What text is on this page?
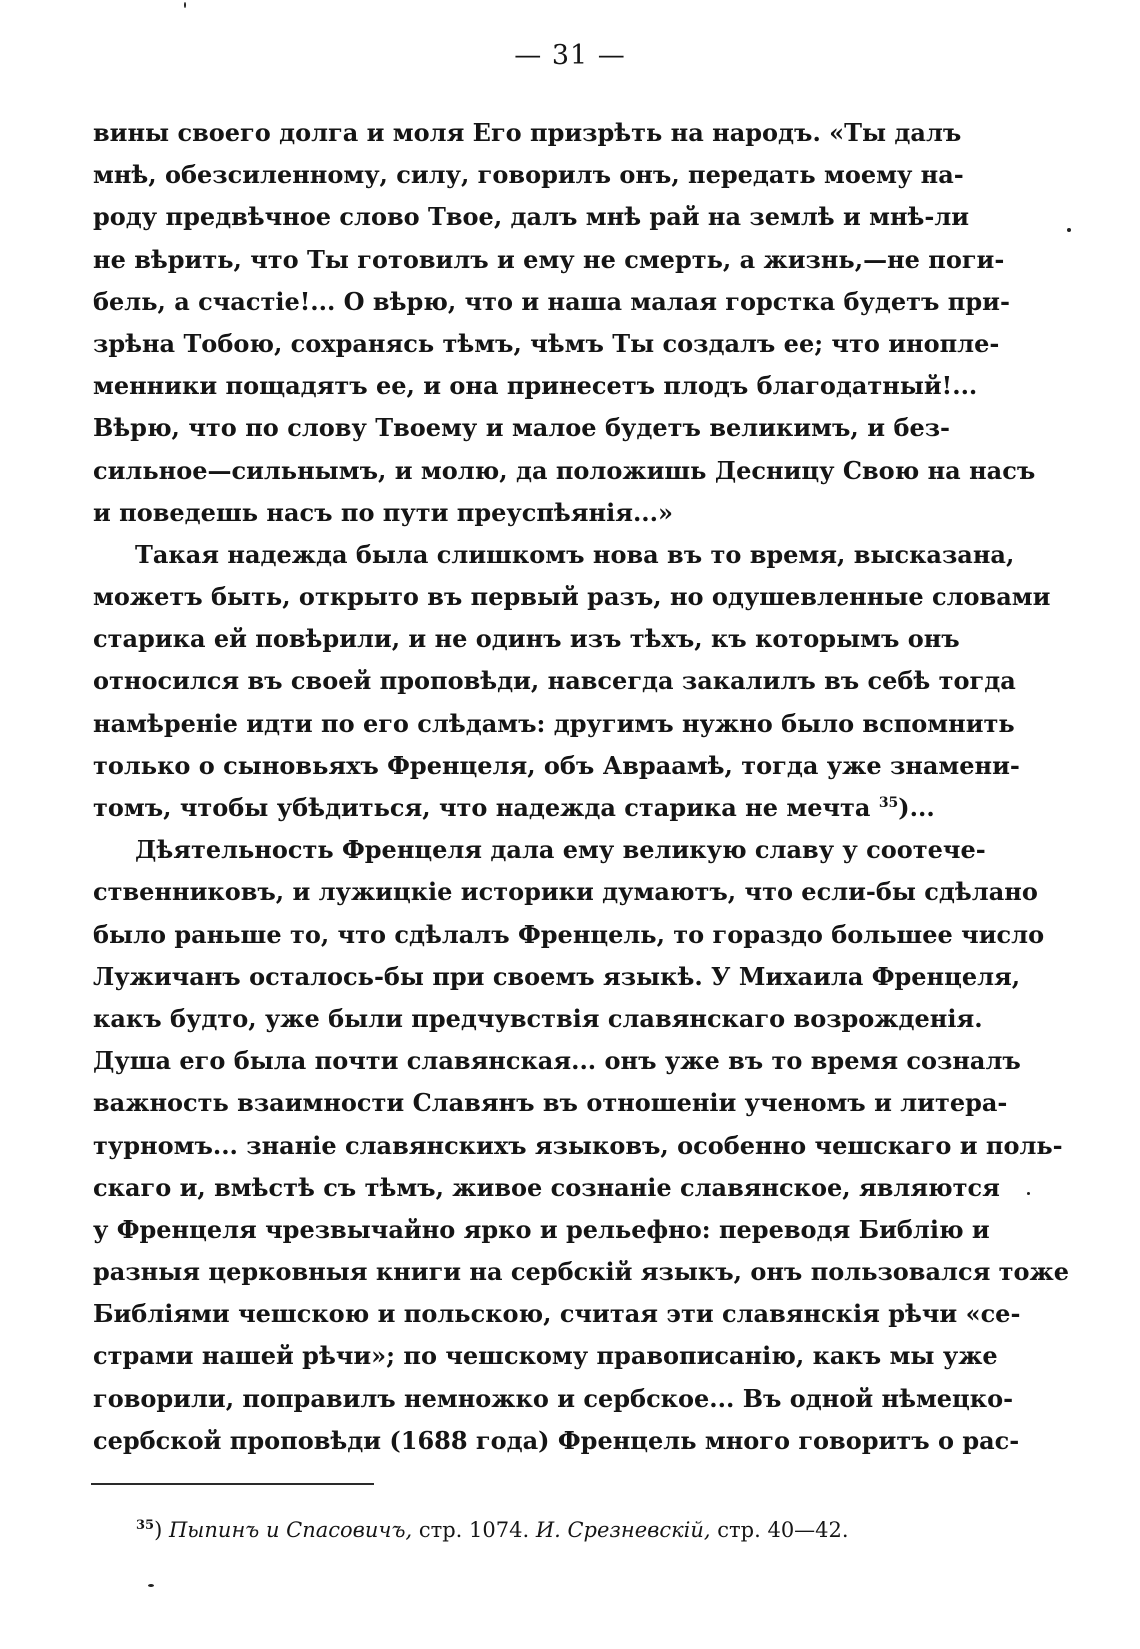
— 31 —
вины своего долга и моля Его призрѣть на народъ. «Ты далъ
мнѣ, обезсиленному, силу, говорилъ онъ, передать моему на-
роду предвѣчное слово Твое, далъ мнѣ рай на землѣ и мнѣ-ли
не вѣрить, что Ты готовилъ и ему не смерть, а жизнь,—не поги-
бель, а счастіе!... О вѣрю, что и наша малая горстка будетъ при-
зрѣна Тобою, сохранясь тѣмъ, чѣмъ Ты создалъ ее; что инопле-
менники пощадятъ ее, и она принесетъ плодъ благодатный!...
Вѣрю, что по слову Твоему и малое будетъ великимъ, и без-
сильное—сильнымъ, и молю, да положишь Десницу Свою на насъ
и поведешь насъ по пути преуспѣянія...»
Такая надежда была слишкомъ нова въ то время, высказана,
можетъ быть, открыто въ первый разъ, но одушевленные словами
старика ей повѣрили, и не одинъ изъ тѣхъ, къ которымъ онъ
относился въ своей проповѣди, навсегда закалилъ въ себѣ тогда
намѣреніе идти по его слѣдамъ: другимъ нужно было вспомнить
только о сыновьяхъ Френцеля, объ Авраамѣ, тогда уже знамени-
томъ, чтобы убѣдиться, что надежда старика не мечта $^{35}$)...
Дѣятельность Френцеля дала ему великую славу у соотече-
ственниковъ, и лужицкіе историки думаютъ, что если-бы сдѣлано
было раньше то, что сдѣлалъ Френцель, то гораздо большее число
Лужичанъ осталось-бы при своемъ языкѣ. У Михаила Френцеля,
какъ будто, уже были предчувствія славянскаго возрожденія.
Душа его была почти славянская... онъ уже въ то время созналъ
важность взаимности Славянъ въ отношеніи ученомъ и литера-
турномъ... знаніе славянскихъ языковъ, особенно чешскаго и поль-
скаго и, вмѣстѣ съ тѣмъ, живое сознаніе славянское, являются
у Френцеля чрезвычайно ярко и рельефно: переводя Библію и
разныя церковныя книги на сербскій языкъ, онъ пользовался тоже
Библіями чешскою и польскою, считая эти славянскія рѣчи «се-
страми нашей рѣчи»; по чешскому правописанію, какъ мы уже
говорили, поправилъ немножко и сербское... Въ одной нѣмецко-
сербской проповѣди (1688 года) Френцель много говоритъ о рас-
$^{35}$) Пыпинъ и Спасовичъ, стр. 1074. И. Срезневскій, стр. 40—42.
